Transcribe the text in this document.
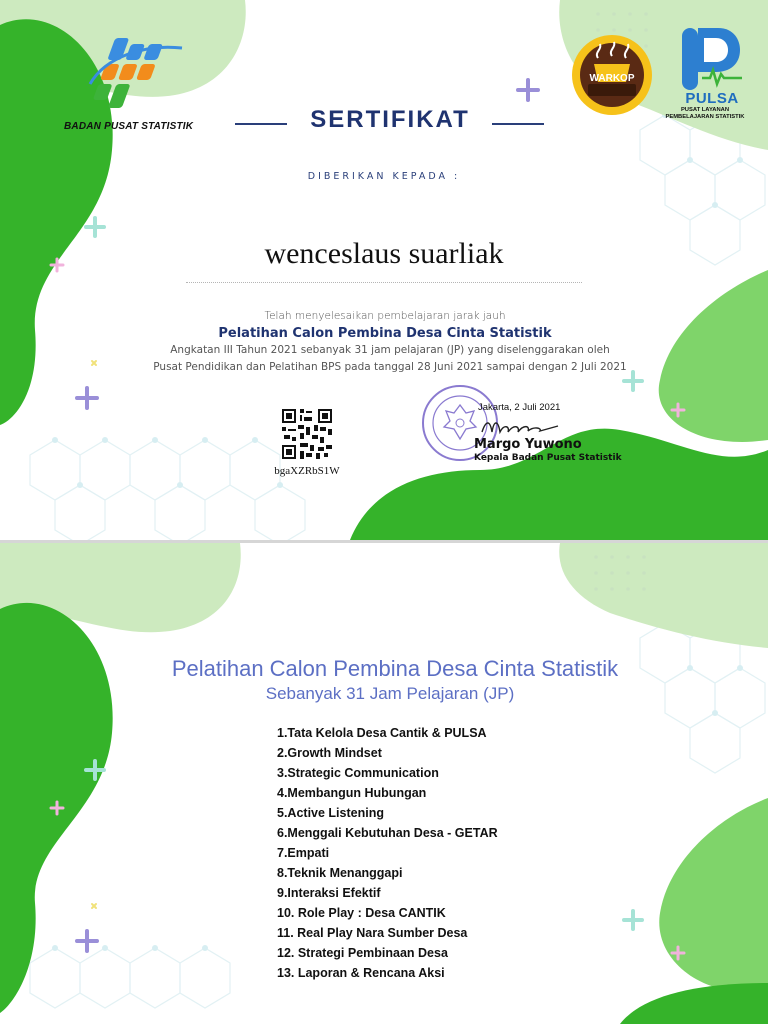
BADAN PUSAT STATISTIK	SERTIFIKAT
WARKOP
PULSA
PUSAT LAYANAN
PEMBELAJARAN STATISTIK
DIBERIKAN KEPADA :
wenceslaus suarliak
Telah menyelesaikan pembelajaran jarak jauh
Pelatihan Calon Pembina Desa Cinta Statistik
Angkatan III Tahun 2021 sebanyak 31 jam pelajaran (JP) yang diselenggarakan oleh
Pusat Pendidikan dan Pelatihan BPS pada tanggal 28 Juni 2021 sampai dengan 2 Juli 2021
bgaXZRbS1W
Jakarta, 2 Juli 2021
Margo Yuwono
Kepala Badan Pusat Statistik
Pelatihan Calon Pembina Desa Cinta Statistik
Sebanyak 31 Jam Pelajaran (JP)
1.Tata Kelola Desa Cantik & PULSA
2.Growth Mindset
3.Strategic Communication
4.Membangun Hubungan
5.Active Listening
6.Menggali Kebutuhan Desa - GETAR
7.Empati
8.Teknik Menanggapi
9.Interaksi Efektif
10. Role Play : Desa CANTIK
11. Real Play Nara Sumber Desa
12. Strategi Pembinaan Desa
13. Laporan & Rencana Aksi
